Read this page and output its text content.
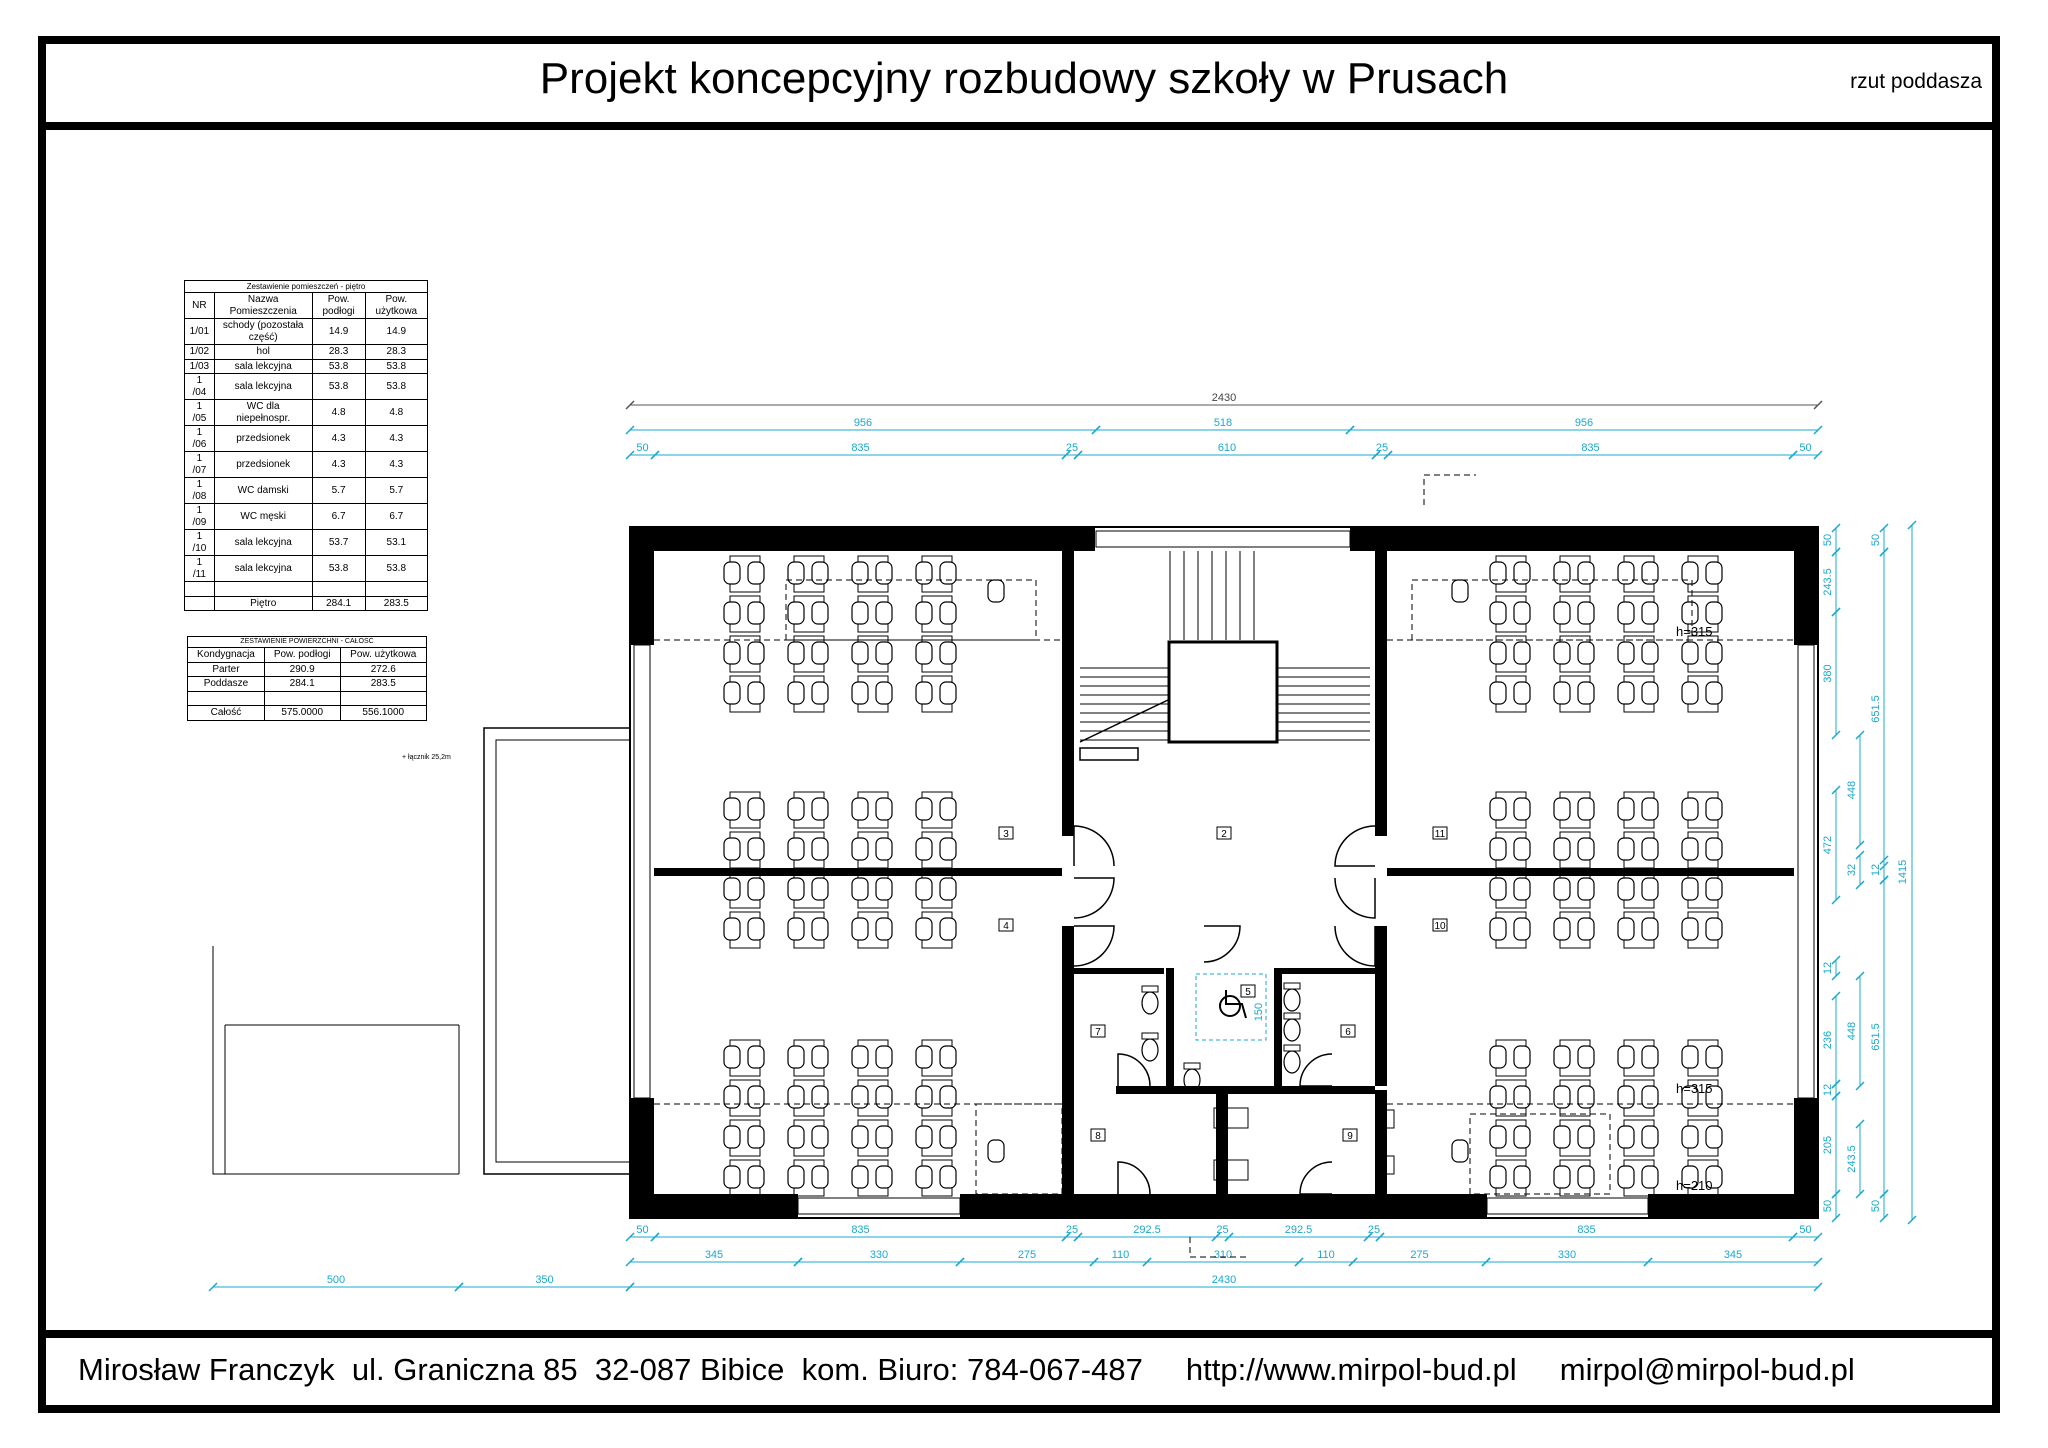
Projekt koncepcyjny rozbudowy szkoły w Prusach	rzut poddasza
Zestawienie pomieszczeń - piętro			
NR	Nazwa Pomieszczenia	Pow. podłogi	Pow. użytkowa
1/01	schody (pozostała część)	14.9	14.9
1/02	hol	28.3	28.3
1/03	sala lekcyjna	53.8	53.8
1 /04	sala lekcyjna	53.8	53.8
1 /05	WC dla niepełnospr.	4.8	4.8
1 /06	przedsionek	4.3	4.3
1 /07	przedsionek	4.3	4.3
1 /08	WC damski	5.7	5.7
1 /09	WC męski	6.7	6.7
1 /10	sala lekcyjna	53.7	53.1
1 /11	sala lekcyjna	53.8	53.8

	Piętro	284.1	283.5
ZESTAWIENIE POWIERZCHNI - CAŁOŚĆ		
Kondygnacja	Pow. podłogi	Pow. użytkowa
Parter	290.9	272.6
Poddasze	284.1	283.5

Całość	575.0000	556.1000
+ łącznik 25,2m
2430
956	518	956
50	835	25	610	25	835	50
50	835	25	292.5	25	292.5	25	835	50
345	330	275	110	310	110	275	330	345
500	350	2430
50
243.5
380
448
472
32 12
12
448
236
12
205
243.5
50
50
651.5
651.5
50
1415
2
3
4
5
6
7
8	9
10
11
h=315
h=315
h=210
150
Mirosław Franczyk  ul. Graniczna 85  32-087 Bibice  kom. Biuro: 784-067-487     http://www.mirpol-bud.pl     mirpol@mirpol-bud.pl
